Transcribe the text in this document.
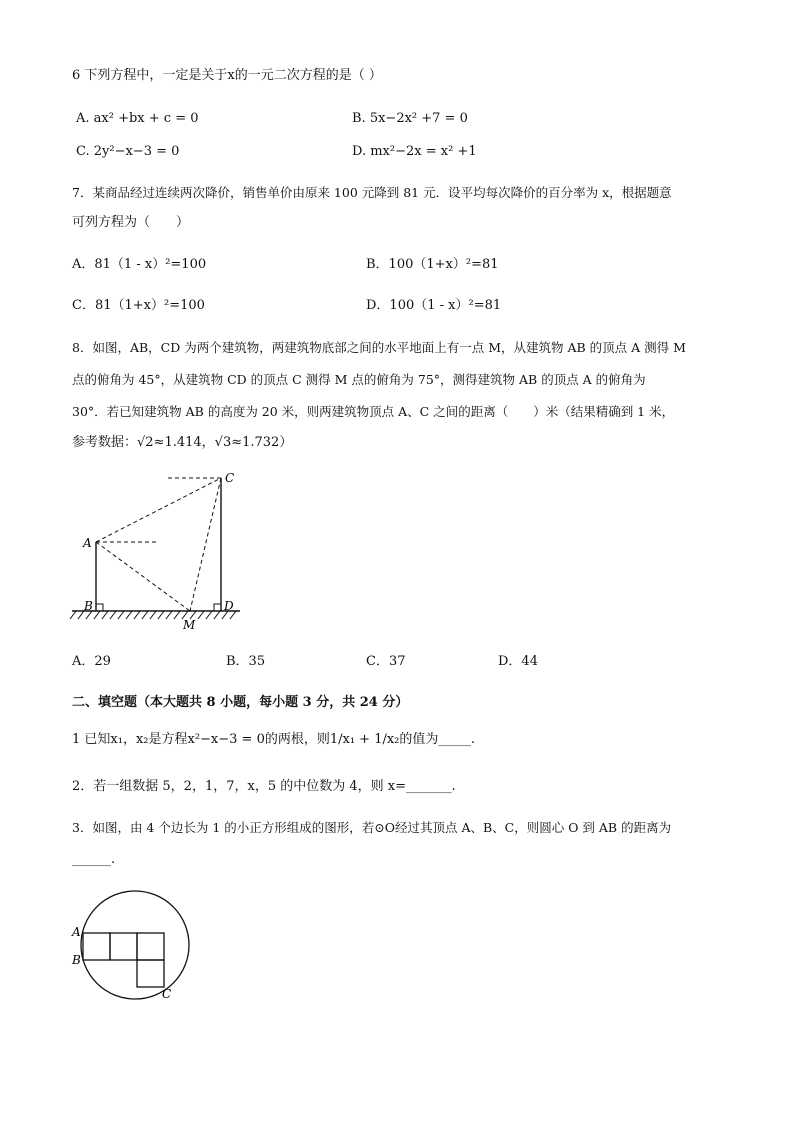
6 下列方程中，一定是关于x的一元二次方程的是（ ）
A. ax² +bx + c = 0	B. 5x−2x² +7 = 0
C. 2y²−x−3 = 0	D. mx²−2x = x² +1
7．某商品经过连续两次降价，销售单价由原来 100 元降到 81 元．设平均每次降价的百分率为 x，根据题意
可列方程为（　　）
A．81（1 - x）²=100	B．100（1+x）²=81
C．81（1+x）²=100	D．100（1 - x）²=81
8．如图，AB，CD 为两个建筑物，两建筑物底部之间的水平地面上有一点 M，从建筑物 AB 的顶点 A 测得 M
点的俯角为 45°，从建筑物 CD 的顶点 C 测得 M 点的俯角为 75°，测得建筑物 AB 的顶点 A 的俯角为
30°．若已知建筑物 AB 的高度为 20 米，则两建筑物顶点 A、C 之间的距离（　　）米（结果精确到 1 米，
参考数据：√2≈1.414，√3≈1.732）
A
B
C
D
M
A．29	B．35	C．37	D．44
二、填空题（本大题共 8 小题，每小题 3 分，共 24 分）
1 已知x₁，x₂是方程x²−x−3 = 0的两根，则1/x₁ + 1/x₂的值为_____.
2．若一组数据 5，2，1，7，x，5 的中位数为 4，则 x=_______.
3．如图，由 4 个边长为 1 的小正方形组成的图形，若⊙O经过其顶点 A、B、C，则圆心 O 到 AB 的距离为
______.
A
B
C
